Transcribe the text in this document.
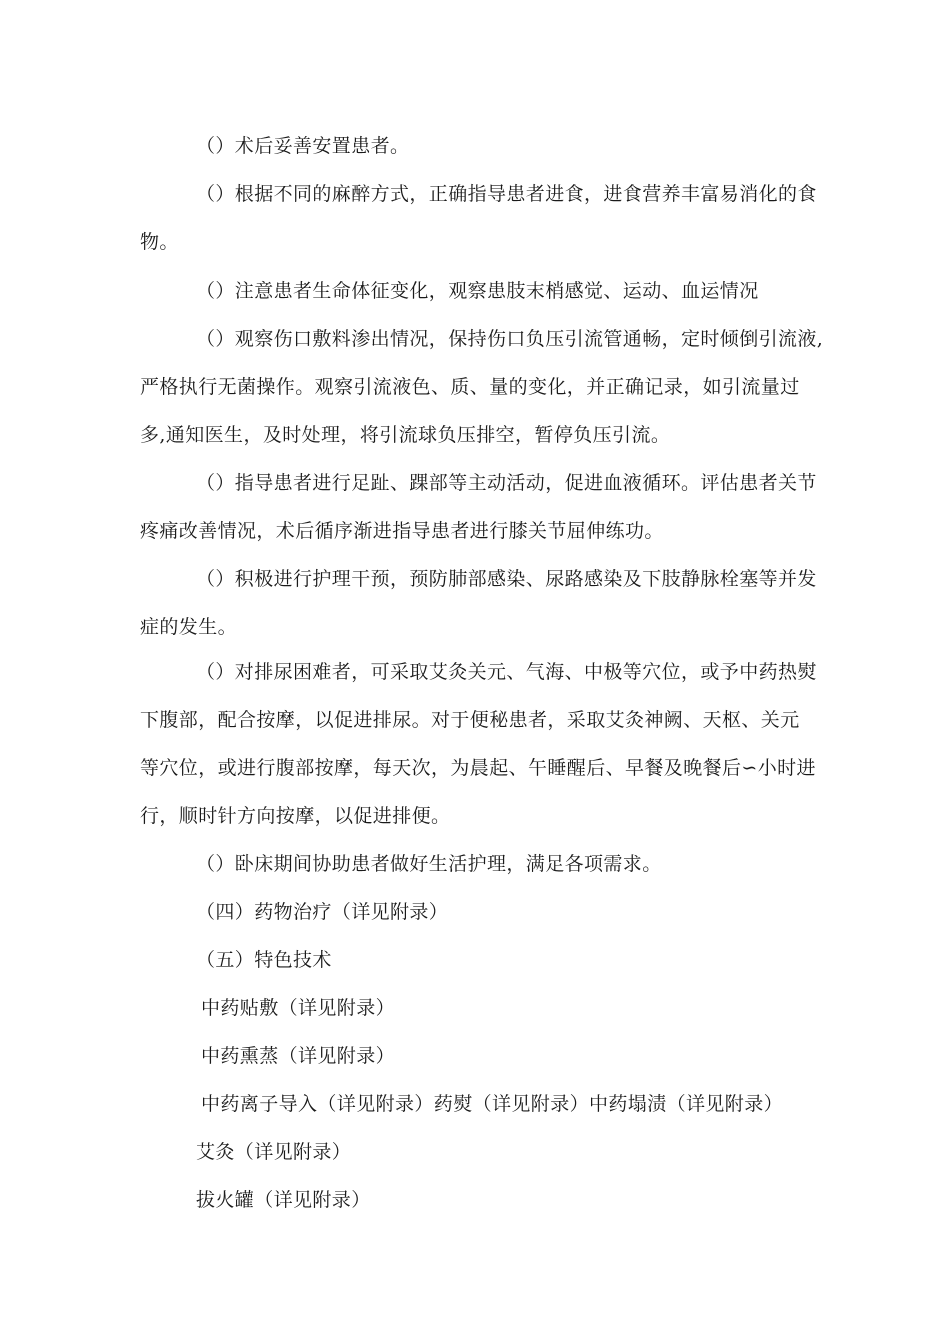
（）术后妥善安置患者。
（）根据不同的麻醉方式，正确指导患者进食，进食营养丰富易消化的食
物。
（）注意患者生命体征变化，观察患肢末梢感觉、运动、血运情况
（）观察伤口敷料渗出情况，保持伤口负压引流管通畅，定时倾倒引流液,
严格执行无菌操作。观察引流液色、质、量的变化，并正确记录，如引流量过
多,通知医生，及时处理，将引流球负压排空，暂停负压引流。
（）指导患者进行足趾、踝部等主动活动，促进血液循环。评估患者关节
疼痛改善情况，术后循序渐进指导患者进行膝关节屈伸练功。
（）积极进行护理干预，预防肺部感染、尿路感染及下肢静脉栓塞等并发
症的发生。
（）对排尿困难者，可采取艾灸关元、气海、中极等穴位，或予中药热熨
下腹部，配合按摩，以促进排尿。对于便秘患者，采取艾灸神阙、天枢、关元
等穴位，或进行腹部按摩，每天次，为晨起、午睡醒后、早餐及晚餐后∽小时进
行，顺时针方向按摩，以促进排便。
（）卧床期间协助患者做好生活护理，满足各项需求。
（四）药物治疗（详见附录）
（五）特色技术
中药贴敷（详见附录）
中药熏蒸（详见附录）
中药离子导入（详见附录）药熨（详见附录）中药塌渍（详见附录）
艾灸（详见附录）
拔火罐（详见附录）
